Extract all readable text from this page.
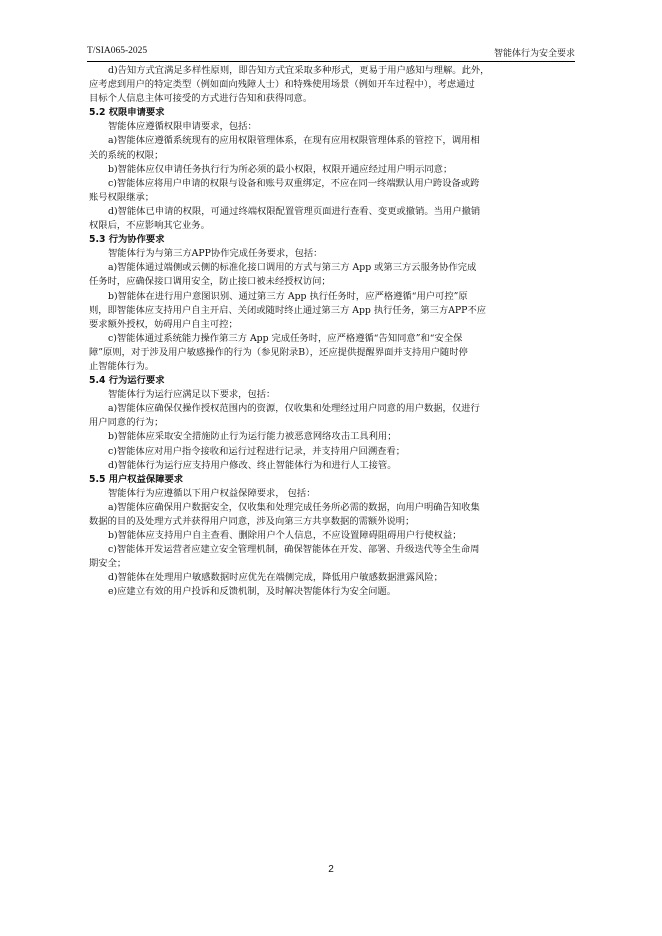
T/SIA065-2025	智能体行为安全要求
d)告知方式宜满足多样性原则，即告知方式宜采取多种形式，更易于用户感知与理解。此外，
应考虑到用户的特定类型（例如面向残障人士）和特殊使用场景（例如开车过程中），考虑通过
目标个人信息主体可接受的方式进行告知和获得同意。
5.2 权限申请要求
智能体应遵循权限申请要求，包括：
a)智能体应遵循系统现有的应用权限管理体系，在现有应用权限管理体系的管控下，调用相
关的系统的权限；
b)智能体应仅申请任务执行行为所必须的最小权限，权限开通应经过用户明示同意；
c)智能体应将用户申请的权限与设备和账号双重绑定，不应在同一终端默认用户跨设备或跨
账号权限继承；
d)智能体已申请的权限，可通过终端权限配置管理页面进行查看、变更或撤销。当用户撤销
权限后，不应影响其它业务。
5.3 行为协作要求
智能体行为与第三方APP协作完成任务要求，包括：
a)智能体通过端侧或云侧的标准化接口调用的方式与第三方 App 或第三方云服务协作完成
任务时，应确保接口调用安全，防止接口被未经授权访问；
b)智能体在进行用户意图识别、通过第三方 App 执行任务时，应严格遵循“用户可控”原
则，即智能体应支持用户自主开启、关闭或随时终止通过第三方 App 执行任务，第三方APP不应
要求额外授权，妨碍用户自主可控；
c)智能体通过系统能力操作第三方 App 完成任务时，应严格遵循“告知同意”和“安全保
障”原则，对于涉及用户敏感操作的行为（参见附录B），还应提供提醒界面并支持用户随时停
止智能体行为。
5.4 行为运行要求
智能体行为运行应满足以下要求，包括：
a)智能体应确保仅操作授权范围内的资源，仅收集和处理经过用户同意的用户数据，仅进行
用户同意的行为；
b)智能体应采取安全措施防止行为运行能力被恶意网络攻击工具利用；
c)智能体应对用户指令接收和运行过程进行记录，并支持用户回溯查看；
d)智能体行为运行应支持用户修改、终止智能体行为和进行人工接管。
5.5 用户权益保障要求
智能体行为应遵循以下用户权益保障要求， 包括：
a)智能体应确保用户数据安全，仅收集和处理完成任务所必需的数据，向用户明确告知收集
数据的目的及处理方式并获得用户同意，涉及向第三方共享数据的需额外说明；
b)智能体应支持用户自主查看、删除用户个人信息，不应设置障碍阻碍用户行使权益；
c)智能体开发运营者应建立安全管理机制，确保智能体在开发、部署、升级迭代等全生命周
期安全；
d)智能体在处理用户敏感数据时应优先在端侧完成，降低用户敏感数据泄露风险；
e)应建立有效的用户投诉和反馈机制，及时解决智能体行为安全问题。
2
